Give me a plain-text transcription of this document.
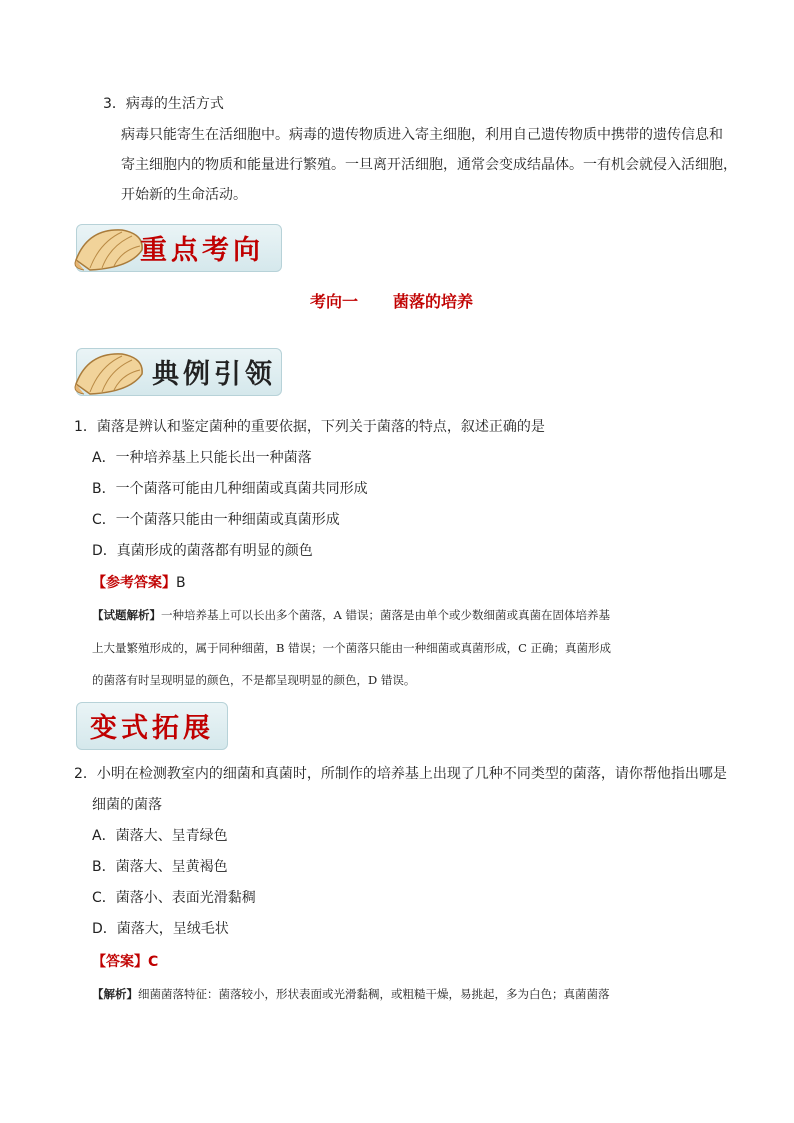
3．病毒的生活方式
病毒只能寄生在活细胞中。病毒的遗传物质进入寄主细胞，利用自己遗传物质中携带的遗传信息和
寄主细胞内的物质和能量进行繁殖。一旦离开活细胞，通常会变成结晶体。一有机会就侵入活细胞，
开始新的生命活动。
重点考向
考向一 菌落的培养
典例引领
1．菌落是辨认和鉴定菌种的重要依据，下列关于菌落的特点，叙述正确的是
A．一种培养基上只能长出一种菌落
B．一个菌落可能由几种细菌或真菌共同形成
C．一个菌落只能由一种细菌或真菌形成
D．真菌形成的菌落都有明显的颜色
【参考答案】B
【试题解析】一种培养基上可以长出多个菌落，A 错误；菌落是由单个或少数细菌或真菌在固体培养基
上大量繁殖形成的，属于同种细菌，B 错误；一个菌落只能由一种细菌或真菌形成，C 正确；真菌形成
的菌落有时呈现明显的颜色，不是都呈现明显的颜色，D 错误。
变式拓展
2．小明在检测教室内的细菌和真菌时，所制作的培养基上出现了几种不同类型的菌落，请你帮他指出哪是
细菌的菌落
A．菌落大、呈青绿色
B．菌落大、呈黄褐色
C．菌落小、表面光滑黏稠
D．菌落大，呈绒毛状
【答案】C
【解析】细菌菌落特征：菌落较小，形状表面或光滑黏稠，或粗糙干燥，易挑起，多为白色；真菌菌落
